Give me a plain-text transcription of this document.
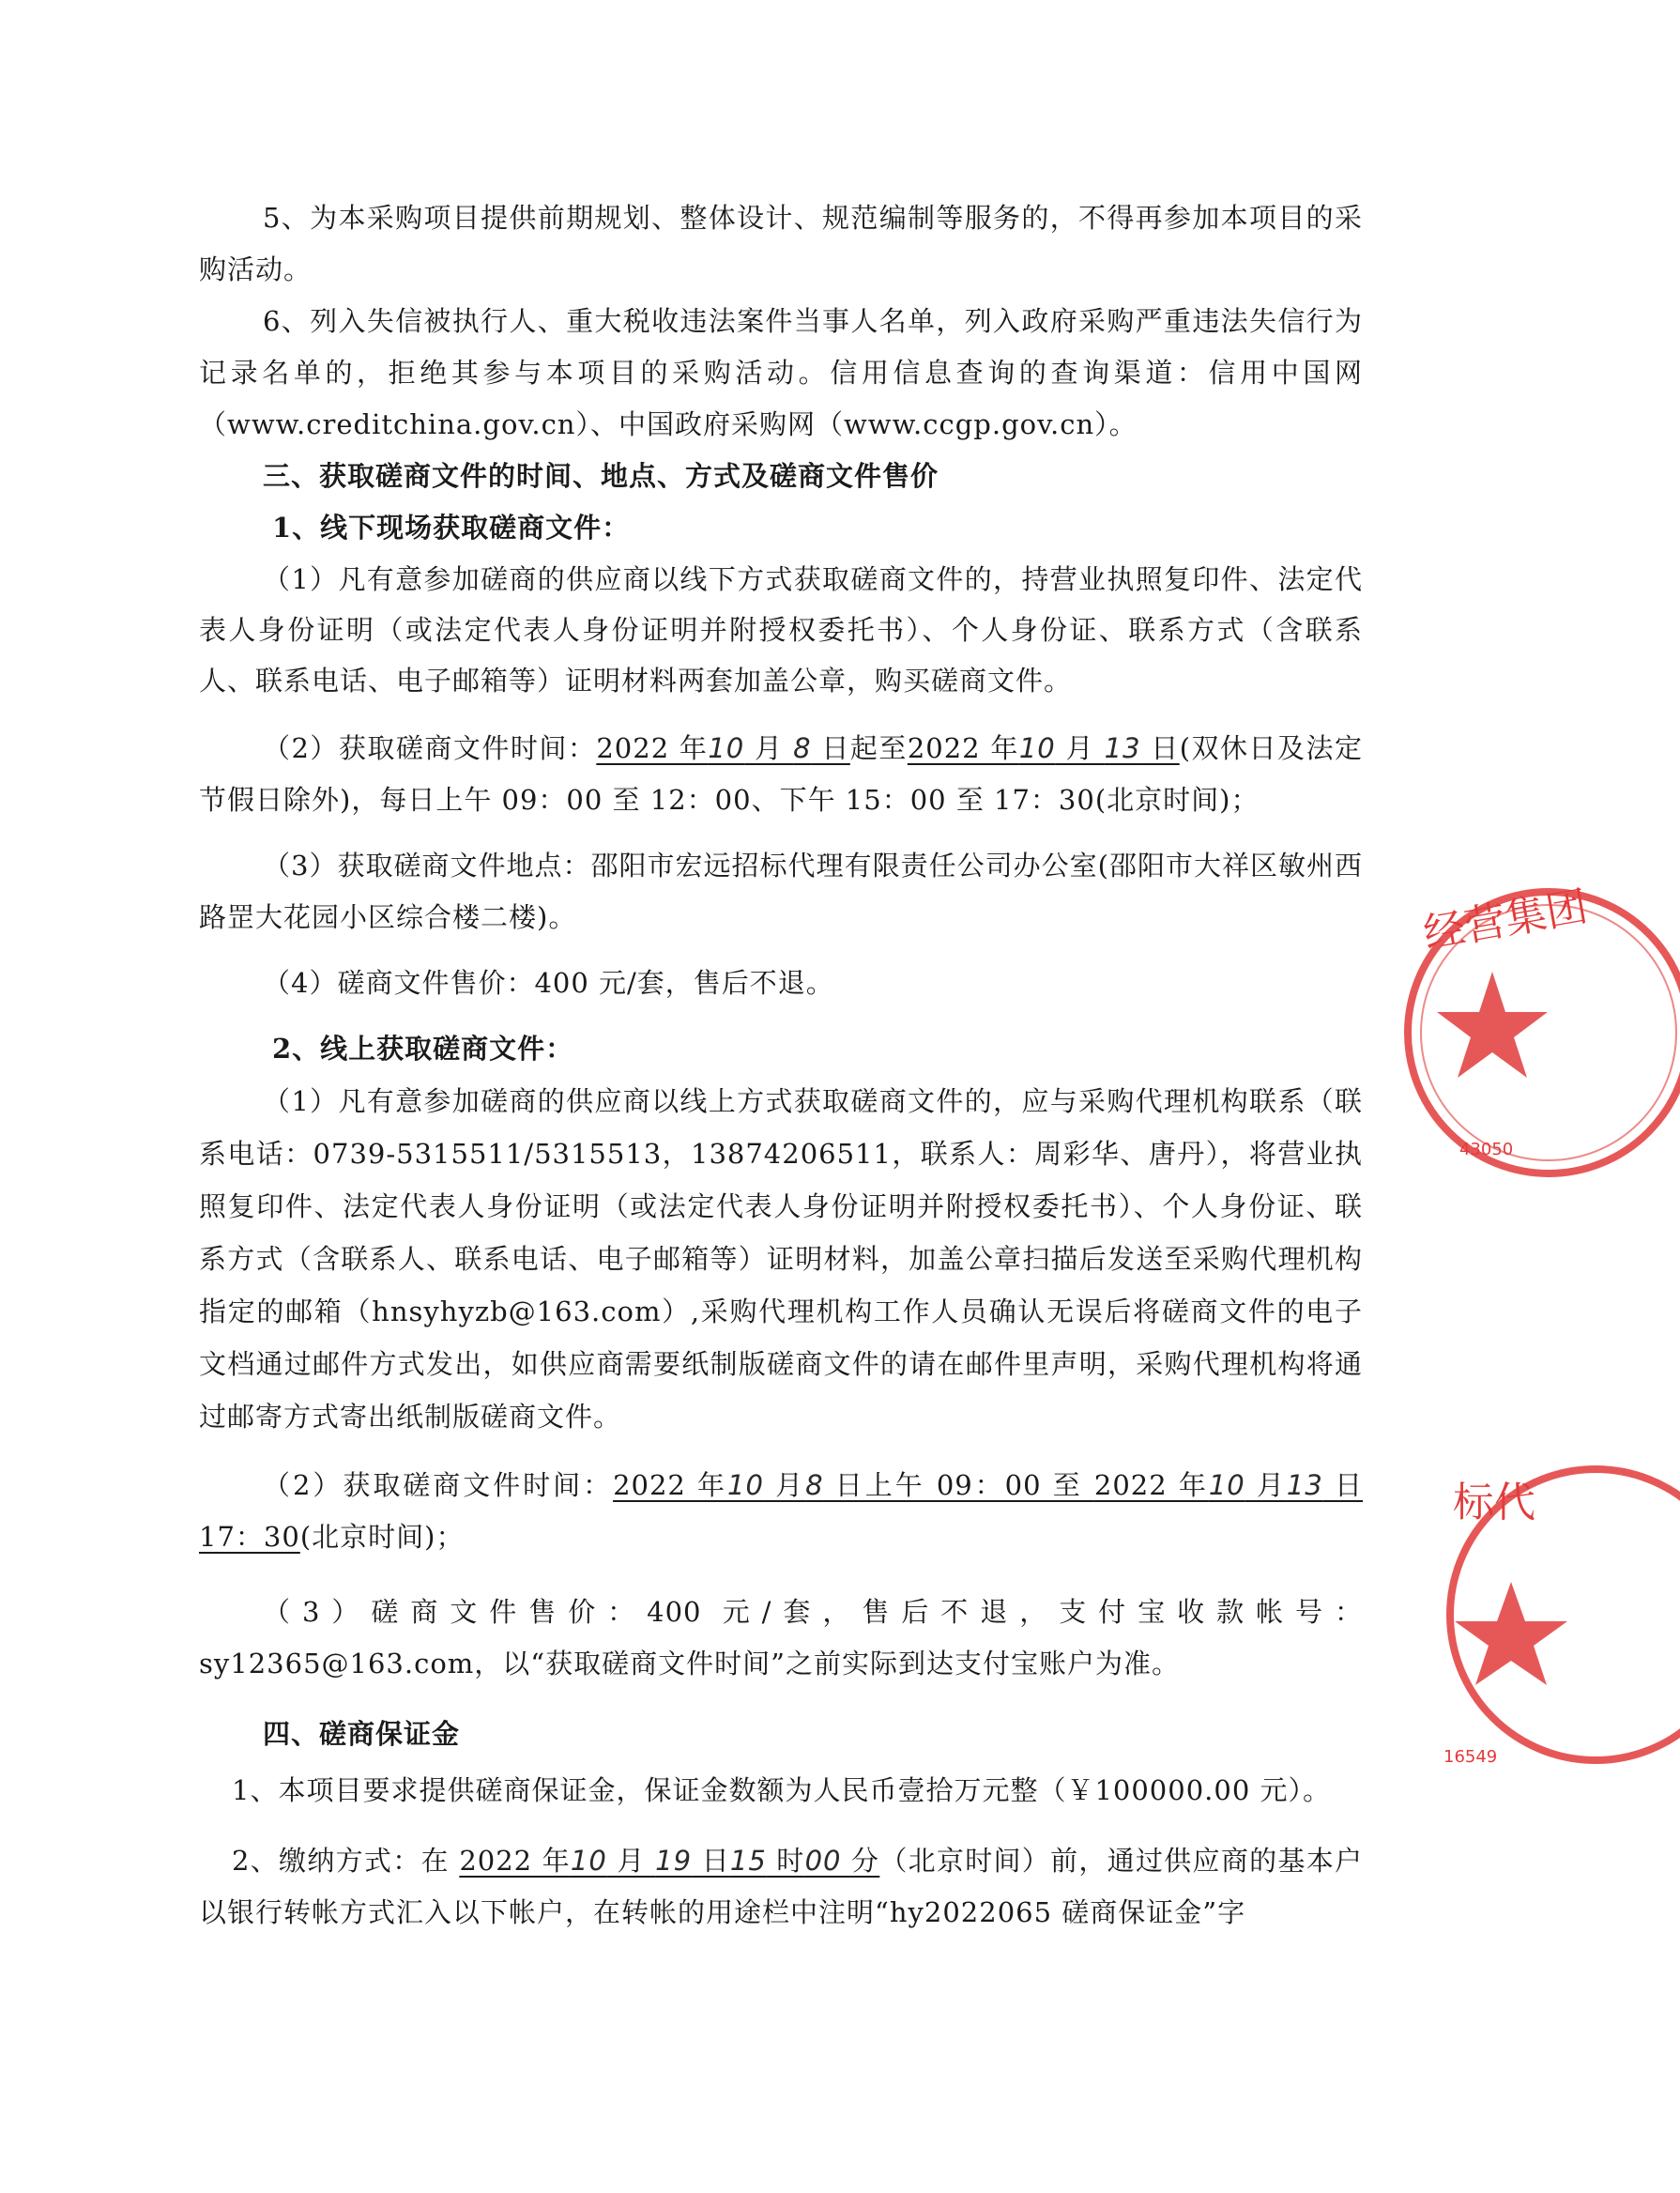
5、为本采购项目提供前期规划、整体设计、规范编制等服务的，不得再参加本项目的采购活动。

6、列入失信被执行人、重大税收违法案件当事人名单，列入政府采购严重违法失信行为记录名单的，拒绝其参与本项目的采购活动。信用信息查询的查询渠道：信用中国网（www.creditchina.gov.cn）、中国政府采购网（www.ccgp.gov.cn）。

三、获取磋商文件的时间、地点、方式及磋商文件售价

1、线下现场获取磋商文件：

（1）凡有意参加磋商的供应商以线下方式获取磋商文件的，持营业执照复印件、法定代表人身份证明（或法定代表人身份证明并附授权委托书）、个人身份证、联系方式（含联系人、联系电话、电子邮箱等）证明材料两套加盖公章，购买磋商文件。

（2）获取磋商文件时间：2022 年10 月 8 日起至2022 年10 月 13 日(双休日及法定节假日除外)，每日上午 09：00 至 12：00、下午 15：00 至 17：30(北京时间)；

（3）获取磋商文件地点：邵阳市宏远招标代理有限责任公司办公室(邵阳市大祥区敏州西路罡大花园小区综合楼二楼)。

（4）磋商文件售价：400 元/套，售后不退。

2、线上获取磋商文件：

（1）凡有意参加磋商的供应商以线上方式获取磋商文件的，应与采购代理机构联系（联系电话：0739-5315511/5315513，13874206511，联系人：周彩华、唐丹），将营业执照复印件、法定代表人身份证明（或法定代表人身份证明并附授权委托书）、个人身份证、联系方式（含联系人、联系电话、电子邮箱等）证明材料，加盖公章扫描后发送至采购代理机构指定的邮箱（hnsyhyzb@163.com）,采购代理机构工作人员确认无误后将磋商文件的电子文档通过邮件方式发出，如供应商需要纸制版磋商文件的请在邮件里声明，采购代理机构将通过邮寄方式寄出纸制版磋商文件。

（2）获取磋商文件时间：2022 年10 月8 日上午 09：00 至 2022 年10 月13 日 17：30(北京时间)；

（3）磋商文件售价：400 元/套，售后不退，支付宝收款帐号：sy12365@163.com，以“获取磋商文件时间”之前实际到达支付宝账户为准。

四、磋商保证金

1、本项目要求提供磋商保证金，保证金数额为人民币壹拾万元整（￥100000.00 元）。

2、缴纳方式：在 2022 年10 月 19 日15 时00 分（北京时间）前，通过供应商的基本户以银行转帐方式汇入以下帐户，在转帐的用途栏中注明“hy2022065 磋商保证金”字

经营集团
43050
标代
16549
